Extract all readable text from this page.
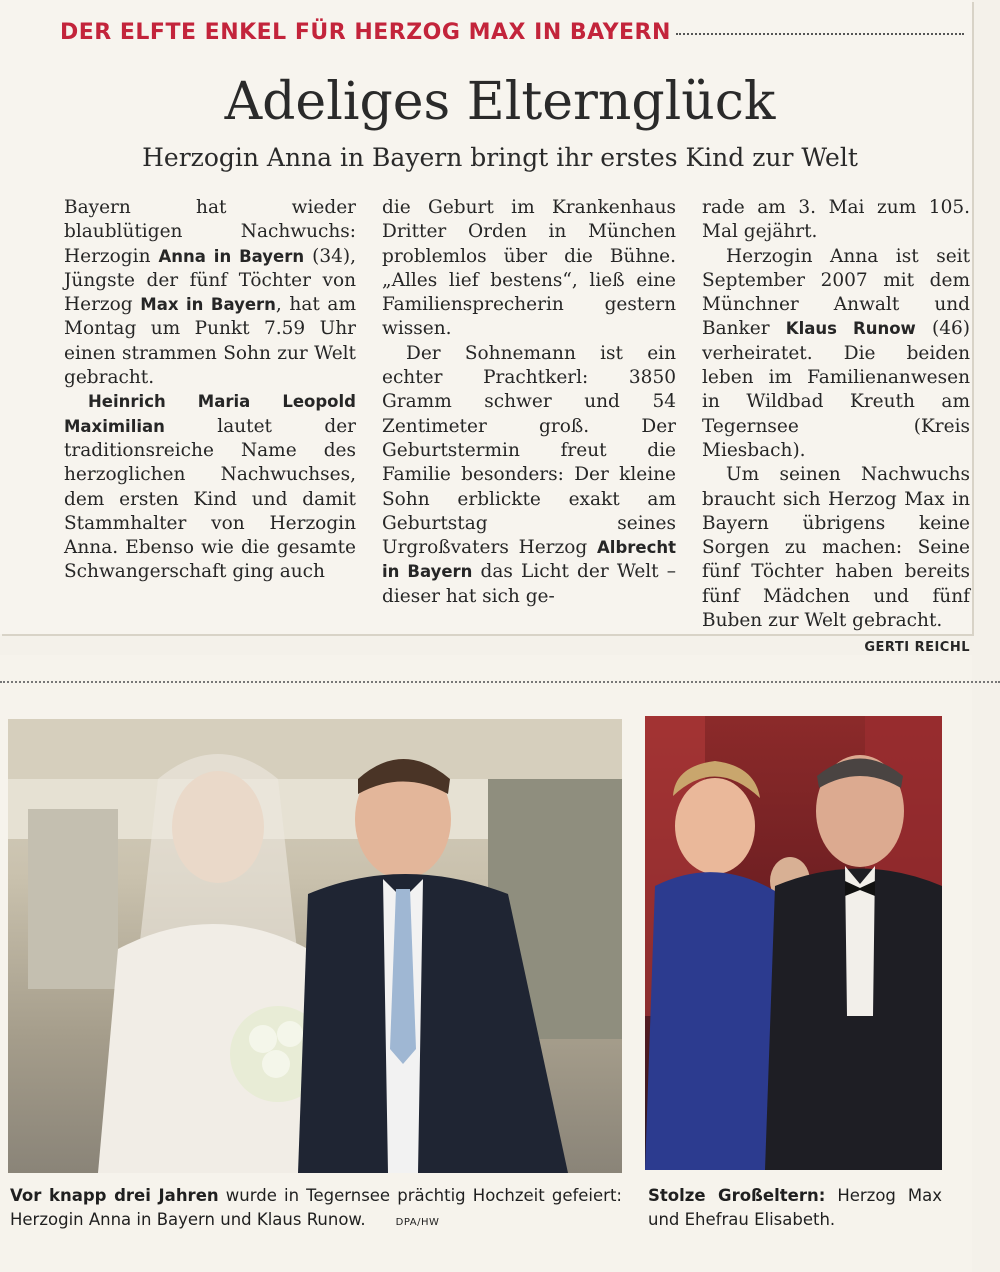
DER ELFTE ENKEL FÜR HERZOG MAX IN BAYERN
Adeliges Elternglück
Herzogin Anna in Bayern bringt ihr erstes Kind zur Welt

Bayern hat wieder blaublütigen Nachwuchs: Herzogin Anna in Bayern (34), Jüngste der fünf Töchter von Herzog Max in Bayern, hat am Montag um Punkt 7.59 Uhr einen strammen Sohn zur Welt gebracht.

Heinrich Maria Leopold Maximilian lautet der traditionsreiche Name des herzoglichen Nachwuchses, dem ersten Kind und damit Stammhalter von Herzogin Anna. Ebenso wie die gesamte Schwangerschaft ging auch

die Geburt im Krankenhaus Dritter Orden in München problemlos über die Bühne. „Alles lief bestens“, ließ eine Familiensprecherin gestern wissen.

Der Sohnemann ist ein echter Prachtkerl: 3850 Gramm schwer und 54 Zentimeter groß. Der Geburtstermin freut die Familie besonders: Der kleine Sohn erblickte exakt am Geburtstag seines Urgroßvaters Herzog Albrecht in Bayern das Licht der Welt – dieser hat sich ge-

rade am 3. Mai zum 105. Mal gejährt.

Herzogin Anna ist seit September 2007 mit dem Münchner Anwalt und Banker Klaus Runow (46) verheiratet. Die beiden leben im Familienanwesen in Wildbad Kreuth am Tegernsee (Kreis Miesbach).

Um seinen Nachwuchs braucht sich Herzog Max in Bayern übrigens keine Sorgen zu machen: Seine fünf Töchter haben bereits fünf Mädchen und fünf Buben zur Welt gebracht.
GERTI REICHL

Vor knapp drei Jahren wurde in Tegernsee prächtig Hochzeit gefeiert: Herzogin Anna in Bayern und Klaus Runow.	DPA/HW
Stolze Großeltern: Herzog Max und Ehefrau Elisabeth.
